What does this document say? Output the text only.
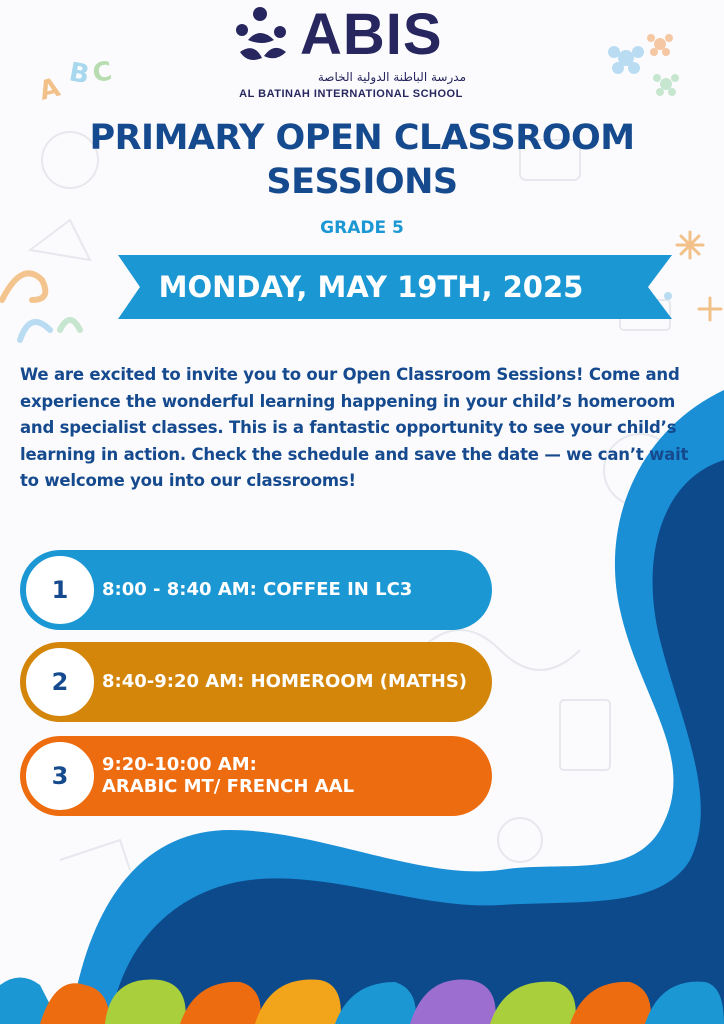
A B C
ABIS
مدرسة الباطنة الدولية الخاصة
AL BATINAH INTERNATIONAL SCHOOL
PRIMARY OPEN CLASSROOM SESSIONS
GRADE 5
MONDAY, MAY 19TH, 2025
We are excited to invite you to our Open Classroom Sessions! Come and experience the wonderful learning happening in your child’s homeroom and specialist classes. This is a fantastic opportunity to see your child’s learning in action. Check the schedule and save the date — we can’t wait to welcome you into our classrooms!
1	8:00 - 8:40 AM: COFFEE IN LC3
2	8:40-9:20 AM: HOMEROOM (MATHS)
3	9:20-10:00 AM:
ARABIC MT/ FRENCH AAL
